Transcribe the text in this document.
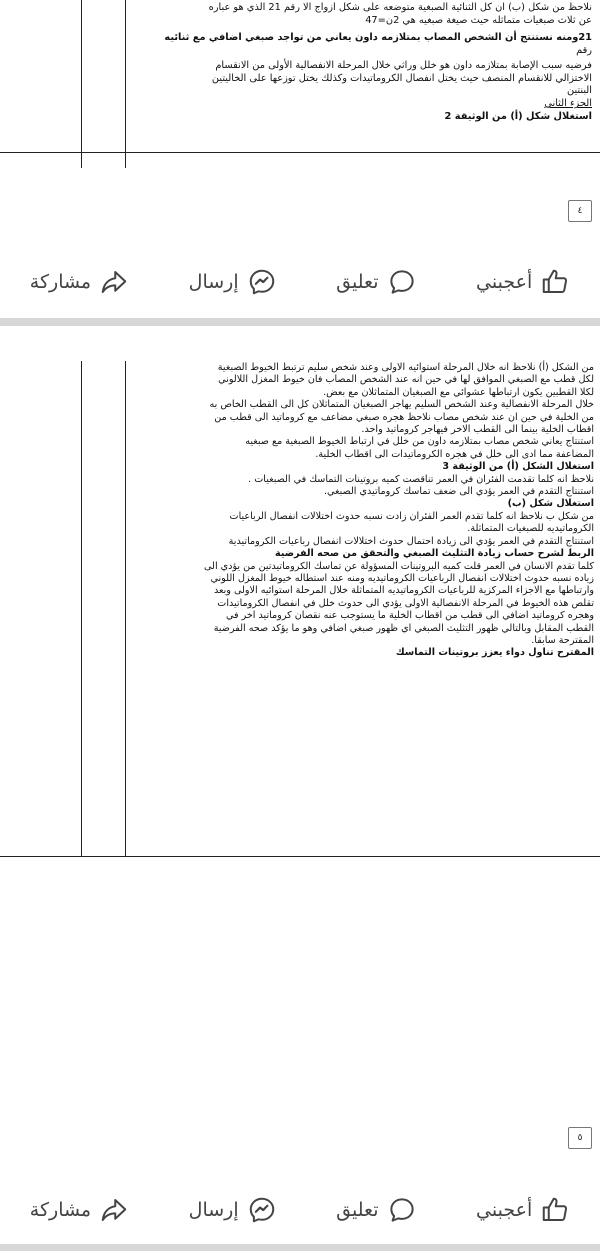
نلاحظ من شكل (ب) ان كل الثنائية الصبغية متوضعه على شكل ازواج الا رقم 21 الذي هو عباره

عن ثلاث صبغيات متماثله حيث صيغة صبغيه هي 2ن=47

21ومنه نستنتج أن الشخص المصاب بمتلازمه داون يعاني من تواجد صبغي اضافي مع ثنائيه

رقم

فرضيه سبب الإصابة بمتلازمه داون هو خلل وراثي خلال المرحلة الانفصالية الأولى من الانقسام

الاختزالي للانقسام المنصف حيث يختل انفصال الكروماتيدات وكذلك يختل توزعها على الخاليتين

البنتين

الجزء الثاني

استغلال شكل (أ) من الوثيقة 2

٤
أعجبني
تعليق
إرسال
مشاركة

من الشكل (أ) نلاحظ انه خلال المرحلة استوائيه الاولى وعند شخص سليم ترتبط الخيوط الصبغية

لكل قطب مع الصبغي الموافق لها في حين انه عند الشخص المصاب فان خيوط المغزل اللالوني

لكلا القطبين يكون ارتباطها عشوائي مع الصبغيان المتماثلان مع بعض.

خلال المرحلة الانفصالية وعند الشخص السليم يهاجر الصبغيان المتماثلان كل الى القطب الخاص به

من الخلية في حين ان عند شخص مصاب نلاحظ هجره صبغي مضاعف مع كروماتيد الى قطب من

اقطاب الخلية بينما الى القطب الاخر فيهاجر كروماتيد واحد.

استنتاج يعاني شخص مصاب بمتلازمه داون من خلل في ارتباط الخيوط الصبغية مع صبغيه

المضاعفة مما ادى الى خلل في هجره الكروماتيدات الى اقطاب الخلية.

استغلال الشكل (أ) من الوثيقة 3

نلاحظ انه كلما تقدمت الفئران في العمر تناقصت كميه بروتينات التماسك في الصبغيات .

استنتاج التقدم في العمر يؤدي الى ضعف تماسك كروماتيدي الصبغي.

استغلال شكل (ب)

من شكل ب نلاحظ انه كلما تقدم العمر الفئران زادت نسبه حدوث اختلالات انفصال الرباعيات

الكروماتيديه للصبغيات المتماثلة.

استنتاج التقدم في العمر يؤدي الى زيادة احتمال حدوث اختلالات انفصال رباعيات الكروماتيدية

الربط لشرح حساب زيادة التثليث الصبغي والتحقق من صحه الفرضية

كلما تقدم الانسان في العمر قلت كميه البروتينات المسؤولة عن تماسك الكروماتيدتين من يؤدي الى

زياده نسبه حدوث اختلالات انفصال الرباعيات الكروماتيديه ومنه عند استطاله خيوط المغزل اللوني

وارتباطها مع الاجزاء المركزية للرباعيات الكروماتيديه المتماثلة خلال المرحلة استوائيه الاولى وبعد

تقلص هذه الخيوط في المرحلة الانفصالية الاولى يؤدي الى حدوث خلل في انفصال الكروماتيدات

وهجره كروماتيد اضافي الى قطب من اقطاب الخلية ما يستوجب عنه نقصان كروماتيد اخر في

القطب المقابل وبالتالي ظهور التثليث الصبغي اي ظهور صبغي اضافي وهو ما يؤكد صحه الفرضية

المقترحة سابقا.

المقترح تناول دواء يعزز بروتينات التماسك

٥
أعجبني
تعليق
إرسال
مشاركة
